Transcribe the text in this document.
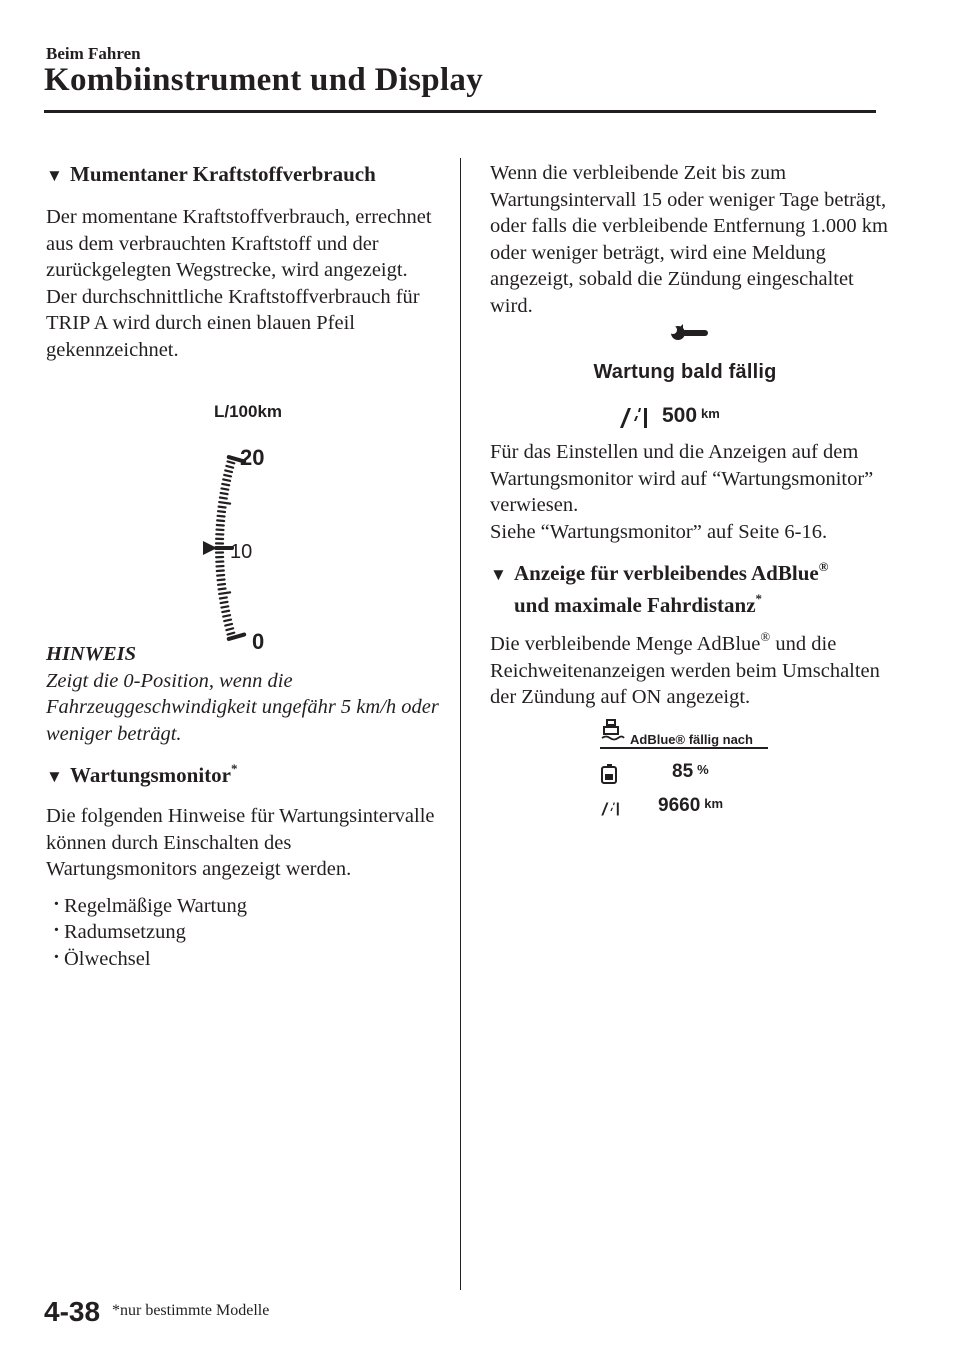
Beim Fahren
Kombiinstrument und Display

▼ Mumentaner Kraftstoffverbrauch

Der momentane Kraftstoffverbrauch, errechnet aus dem verbrauchten Kraftstoff und der zurückgelegten Wegstrecke, wird angezeigt.

Der durchschnittliche Kraftstoffverbrauch für TRIP A wird durch einen blauen Pfeil gekennzeichnet.

L/100km
20
10
0

HINWEIS

Zeigt die 0-Position, wenn die Fahrzeuggeschwindigkeit ungefähr 5 km/h oder weniger beträgt.

▼ Wartungsmonitor*

Die folgenden Hinweise für Wartungsintervalle können durch Einschalten des Wartungsmonitors angezeigt werden.

· Regelmäßige Wartung
· Radumsetzung
· Ölwechsel

Wenn die verbleibende Zeit bis zum Wartungsintervall 15 oder weniger Tage beträgt, oder falls die verbleibende Entfernung 1.000 km oder weniger beträgt, wird eine Meldung angezeigt, sobald die Zündung eingeschaltet wird.

Wartung bald fällig
500 km

Für das Einstellen und die Anzeigen auf dem Wartungsmonitor wird auf “Wartungsmonitor” verwiesen.

Siehe “Wartungsmonitor” auf Seite 6-16.

▼ Anzeige für verbleibendes AdBlue®

und maximale Fahrdistanz*

Die verbleibende Menge AdBlue® und die Reichweitenanzeigen werden beim Umschalten der Zündung auf ON angezeigt.

AdBlue® fällig nach
85 %
9660 km
4-38 *nur bestimmte Modelle
